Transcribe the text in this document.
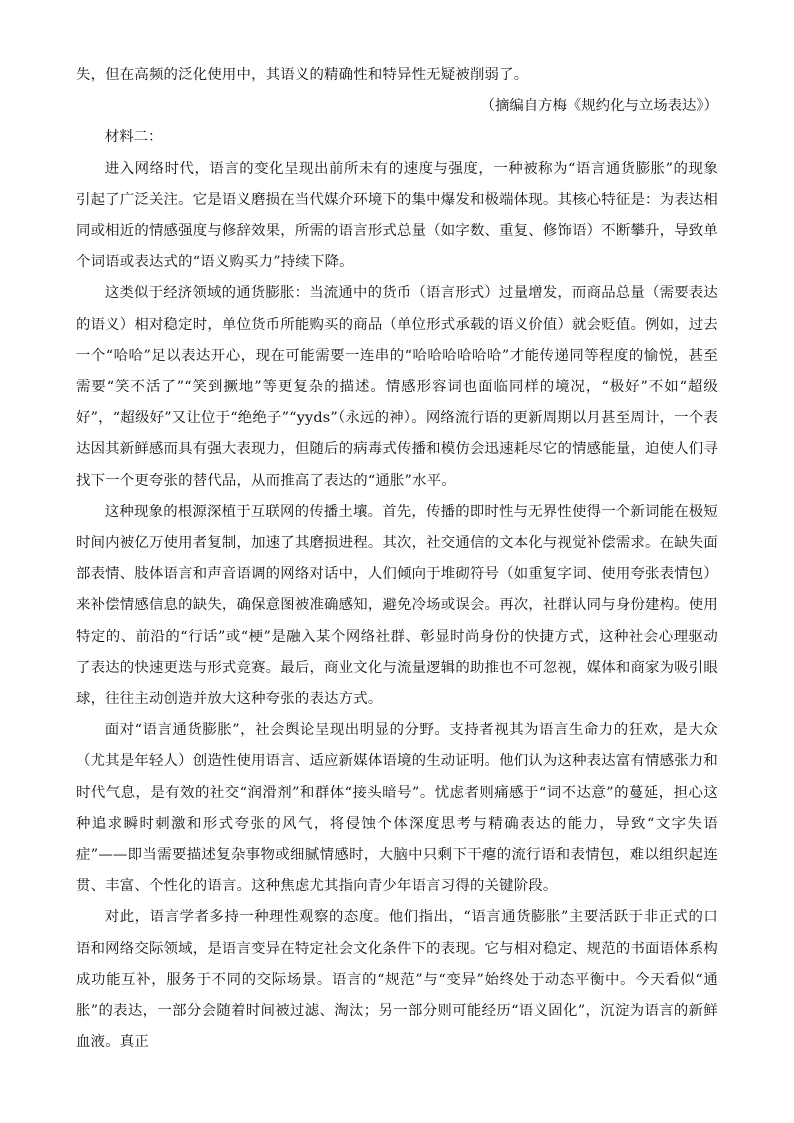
失，但在高频的泛化使用中，其语义的精确性和特异性无疑被削弱了。

（摘编自方梅《规约化与立场表达》）

材料二：

进入网络时代，语言的变化呈现出前所未有的速度与强度，一种被称为“语言通货膨胀”的现象引起了广泛关注。它是语义磨损在当代媒介环境下的集中爆发和极端体现。其核心特征是：为表达相同或相近的情感强度与修辞效果，所需的语言形式总量（如字数、重复、修饰语）不断攀升，导致单个词语或表达式的“语义购买力”持续下降。

这类似于经济领域的通货膨胀：当流通中的货币（语言形式）过量增发，而商品总量（需要表达的语义）相对稳定时，单位货币所能购买的商品（单位形式承载的语义价值）就会贬值。例如，过去一个“哈哈”足以表达开心，现在可能需要一连串的“哈哈哈哈哈哈”才能传递同等程度的愉悦，甚至需要“笑不活了”“笑到撅地”等更复杂的描述。情感形容词也面临同样的境况，“极好”不如“超级好”，“超级好”又让位于“绝绝子”“yyds”（永远的神）。网络流行语的更新周期以月甚至周计，一个表达因其新鲜感而具有强大表现力，但随后的病毒式传播和模仿会迅速耗尽它的情感能量，迫使人们寻找下一个更夸张的替代品，从而推高了表达的“通胀”水平。

这种现象的根源深植于互联网的传播土壤。首先，传播的即时性与无界性使得一个新词能在极短时间内被亿万使用者复制，加速了其磨损进程。其次，社交通信的文本化与视觉补偿需求。在缺失面部表情、肢体语言和声音语调的网络对话中，人们倾向于堆砌符号（如重复字词、使用夸张表情包）来补偿情感信息的缺失，确保意图被准确感知，避免冷场或误会。再次，社群认同与身份建构。使用特定的、前沿的“行话”或“梗”是融入某个网络社群、彰显时尚身份的快捷方式，这种社会心理驱动了表达的快速更迭与形式竞赛。最后，商业文化与流量逻辑的助推也不可忽视，媒体和商家为吸引眼球，往往主动创造并放大这种夸张的表达方式。

面对“语言通货膨胀”，社会舆论呈现出明显的分野。支持者视其为语言生命力的狂欢，是大众（尤其是年轻人）创造性使用语言、适应新媒体语境的生动证明。他们认为这种表达富有情感张力和时代气息，是有效的社交“润滑剂”和群体“接头暗号”。忧虑者则痛感于“词不达意”的蔓延，担心这种追求瞬时刺激和形式夸张的风气，将侵蚀个体深度思考与精确表达的能力，导致“文字失语症”——即当需要描述复杂事物或细腻情感时，大脑中只剩下干瘪的流行语和表情包，难以组织起连贯、丰富、个性化的语言。这种焦虑尤其指向青少年语言习得的关键阶段。

对此，语言学者多持一种理性观察的态度。他们指出，“语言通货膨胀”主要活跃于非正式的口语和网络交际领域，是语言变异在特定社会文化条件下的表现。它与相对稳定、规范的书面语体系构成功能互补，服务于不同的交际场景。语言的“规范”与“变异”始终处于动态平衡中。今天看似“通胀”的表达，一部分会随着时间被过滤、淘汰；另一部分则可能经历“语义固化”，沉淀为语言的新鲜血液。真正
